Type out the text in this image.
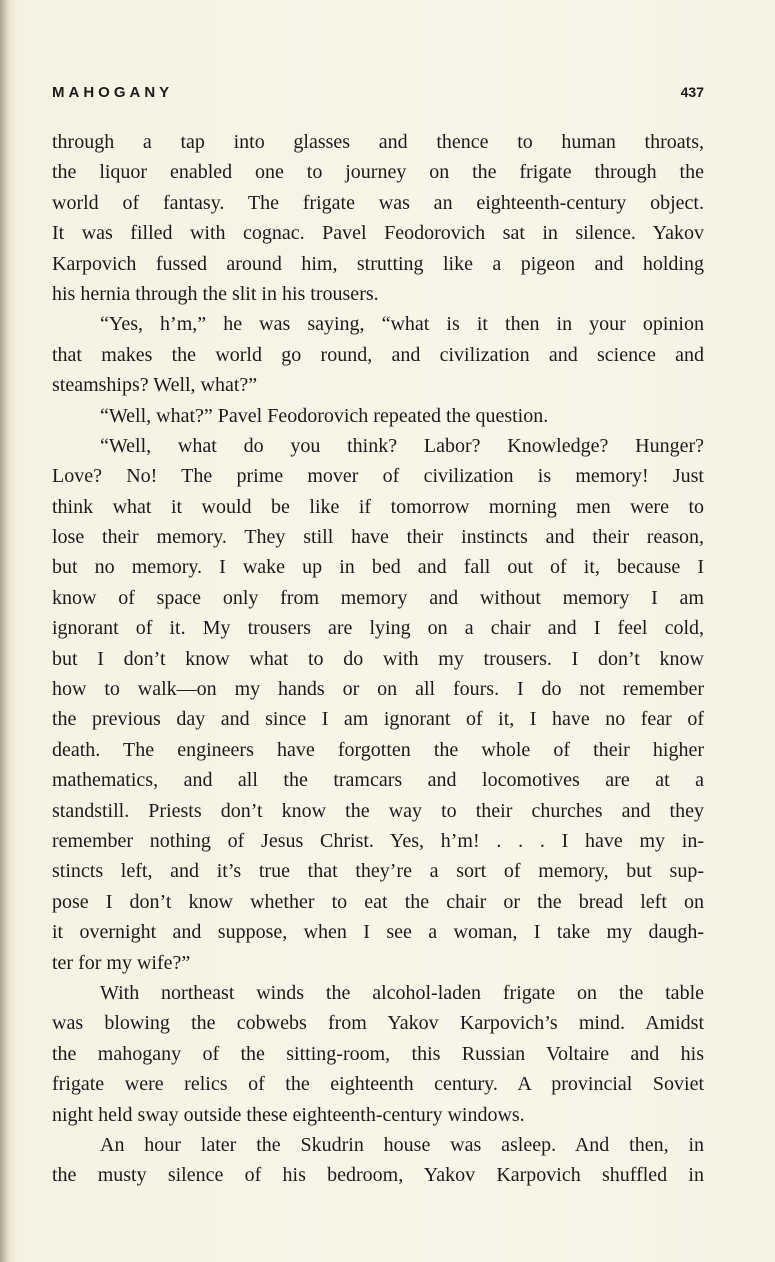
MAHOGANY	437
through a tap into glasses and thence to human throats,
the liquor enabled one to journey on the frigate through the
world of fantasy. The frigate was an eighteenth-century object.
It was filled with cognac. Pavel Feodorovich sat in silence. Yakov
Karpovich fussed around him, strutting like a pigeon and holding
his hernia through the slit in his trousers.
“Yes, h’m,” he was saying, “what is it then in your opinion
that makes the world go round, and civilization and science and
steamships? Well, what?”
“Well, what?” Pavel Feodorovich repeated the question.
“Well, what do you think? Labor? Knowledge? Hunger?
Love? No! The prime mover of civilization is memory! Just
think what it would be like if tomorrow morning men were to
lose their memory. They still have their instincts and their reason,
but no memory. I wake up in bed and fall out of it, because I
know of space only from memory and without memory I am
ignorant of it. My trousers are lying on a chair and I feel cold,
but I don’t know what to do with my trousers. I don’t know
how to walk—on my hands or on all fours. I do not remember
the previous day and since I am ignorant of it, I have no fear of
death. The engineers have forgotten the whole of their higher
mathematics, and all the tramcars and locomotives are at a
standstill. Priests don’t know the way to their churches and they
remember nothing of Jesus Christ. Yes, h’m! . . . I have my in-
stincts left, and it’s true that they’re a sort of memory, but sup-
pose I don’t know whether to eat the chair or the bread left on
it overnight and suppose, when I see a woman, I take my daugh-
ter for my wife?”
With northeast winds the alcohol-laden frigate on the table
was blowing the cobwebs from Yakov Karpovich’s mind. Amidst
the mahogany of the sitting-room, this Russian Voltaire and his
frigate were relics of the eighteenth century. A provincial Soviet
night held sway outside these eighteenth-century windows.
An hour later the Skudrin house was asleep. And then, in
the musty silence of his bedroom, Yakov Karpovich shuffled in
